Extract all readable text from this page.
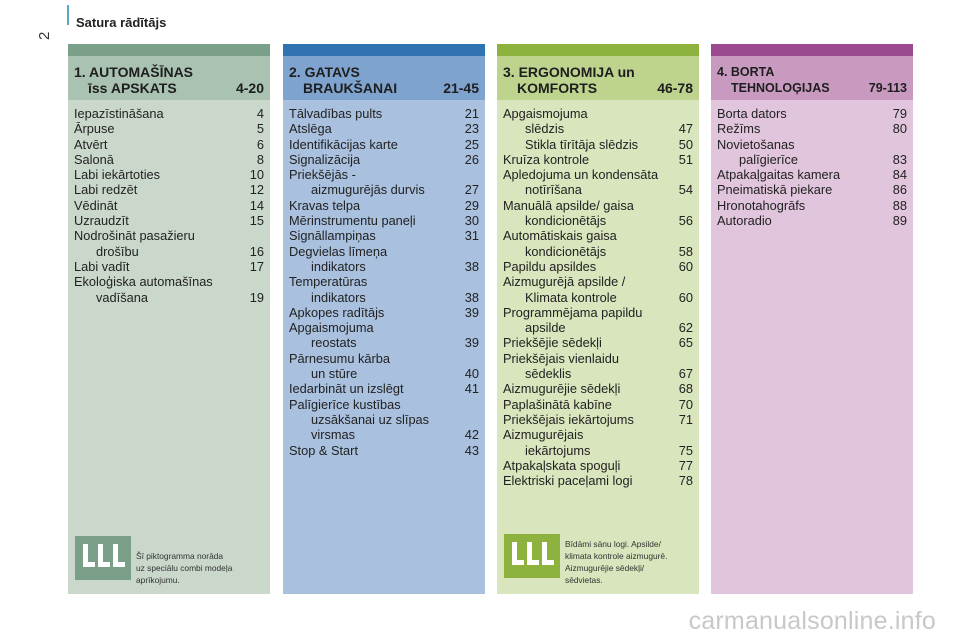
2
Satura rādītājs
1. AUTOMAŠĪNAS
īss APSKATS	4-20
Iepazīstināšana	4
Ārpuse	5
Atvērt	6
Salonā	8
Labi iekārtoties	10
Labi redzēt	12
Vēdināt	14
Uzraudzīt	15
Nodrošināt pasažieru
drošību	16
Labi vadīt	17
Ekoloģiska automašīnas
vadīšana	19
Šī piktogramma norāda
uz speciālu combi modeļa
aprīkojumu.
2. GATAVS
BRAUKŠANAI	21-45
Tālvadības pults	21
Atslēga	23
Identifikācijas karte	25
Signalizācija	26
Priekšējās -
aizmugurējās durvis	27
Kravas telpa	29
Mērinstrumentu paneļi	30
Signāllampiņas	31
Degvielas līmeņa
indikators	38
Temperatūras
indikators	38
Apkopes radītājs	39
Apgaismojuma
reostats	39
Pārnesumu kārba
un stūre	40
Iedarbināt un izslēgt	41
Palīgierīce kustības
uzsākšanai uz slīpas
virsmas	42
Stop & Start	43
3. ERGONOMIJA un
KOMFORTS	46-78
Apgaismojuma
slēdzis	47
Stikla tīrītāja slēdzis	50
Kruīza kontrole	51
Apledojuma un kondensāta
notīrīšana	54
Manuālā apsilde/ gaisa
kondicionētājs	56
Automātiskais gaisa
kondicionētājs	58
Papildu apsildes	60
Aizmugurējā apsilde /
Klimata kontrole	60
Programmējama papildu
apsilde	62
Priekšējie sēdekļi	65
Priekšējais vienlaidu
sēdeklis	67
Aizmugurējie sēdekļi	68
Paplašinātā kabīne	70
Priekšējais iekārtojums	71
Aizmugurējais
iekārtojums	75
Atpakaļskata spoguļi	77
Elektriski paceļami logi	78
Bīdāmi sānu logi. Apsilde/
klimata kontrole aizmugurē.
Aizmugurējie sēdekļi/
sēdvietas.
4. BORTA
TEHNOLOĢIJAS	79-113
Borta dators	79
Režīms	80
Novietošanas
palīgierīce	83
Atpakaļgaitas kamera	84
Pneimatiskā piekare	86
Hronotahogrāfs	88
Autoradio	89
carmanualsonline.info
